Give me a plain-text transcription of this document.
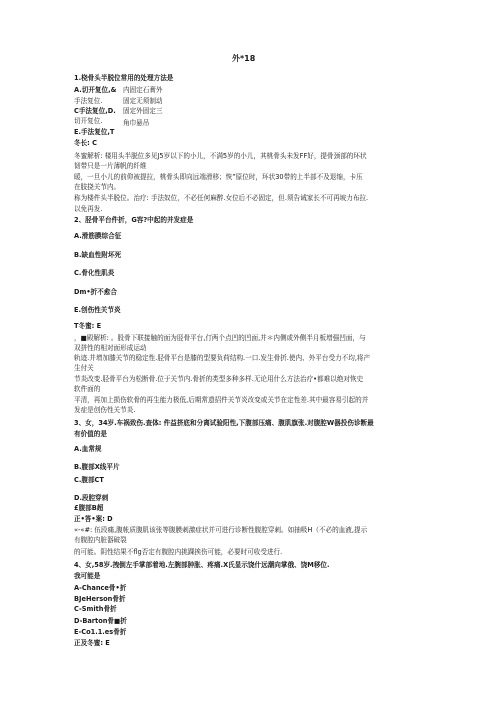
外*18
1.桡骨头半脱位常用的处理方法是
A.切开复位,& 内固定石膏外
手法复位.	固定无须制动
C手法复位,D. 固定外固定三
切开复位.	角巾悬吊
E.手法复位,T
冬长: C
冬蜜解析: 楼用头半脱位多见J5岁以下的小儿，不满5岁的小儿，其桃骨头未发FF好，提骨颈部的环状
韧带只是一片薄帆的纤维
暖，一旦小儿的前仰被提拉，桃骨头即向远端滑移；恢”原位时，环状30带的上半部不及退缩，卡压
在肢挠关节内。
称为楼件头半脱位。治疗: 手法奴位，不必任何麻醉.女位后不必固定，但.须告诫家长不可再坡力布拉.
以免再发.
2、胫骨平台件折，G容?中起的并发症是
A.滑筋膜综合征
B.缺血性附坏死
C.骨化性肌炎
Dm•折不愈合
E.创伤性关节炎
T冬蜜: E
，■殿解析: 。股骨下联接触的面为胫骨平台,仃两个点凹的凹面,并＊内侧或外侧半月板增强凹面，与
双拼性的相对面形成运动
轨迹.并增加膝关节的稳定性.胫骨平台是膝的型要负荷结构.一口.发生骨折.使内、外平台受力不均,将产
生付关
节炎改变.胫骨平台为松断骨.位于关节内.骨折的类型多种多样.无论用什么方法治疗•都难以绝对恢史
软件面的
平清，再加上损伤软骨的再生能力极低,后期常遗招件关节炎改变或关节在定性差.其中最容易引起的并
发症是创伤性关节炎.
3、女，34岁.车祸致伤.查体: 件益挤底和分离试验阳性,下腹部压痛、腹肌旗张.对腹腔W器投伤诊断最
有价值的是
A.血常规
B.腹部X线平片
C.腹部CT
D.段腔穿刺
£腹部B超
正•答•案: D
«-«#: 伍段痛,腹帐质腹肌该张等腹膜刺激症状并可进行诊断性腹腔穿刺。如抽吸H（不必的血液,提示
有腹腔内脏器破裂
的可能。阴性结果不flg否定有腹腔内挑踝挨伤可能，必要时可收受进行.
4、女,58岁.拽倒左手掌部着地.左腕部肿胀、疼痛.X氏显示饶什远潮向掌俄、饶M移位.
我可能是
A-Chance骨•折
BJeHerson骨折
C-Smith骨折
D-Barton骨■折
E-Co1.1.es骨折
正及冬蜜: E
